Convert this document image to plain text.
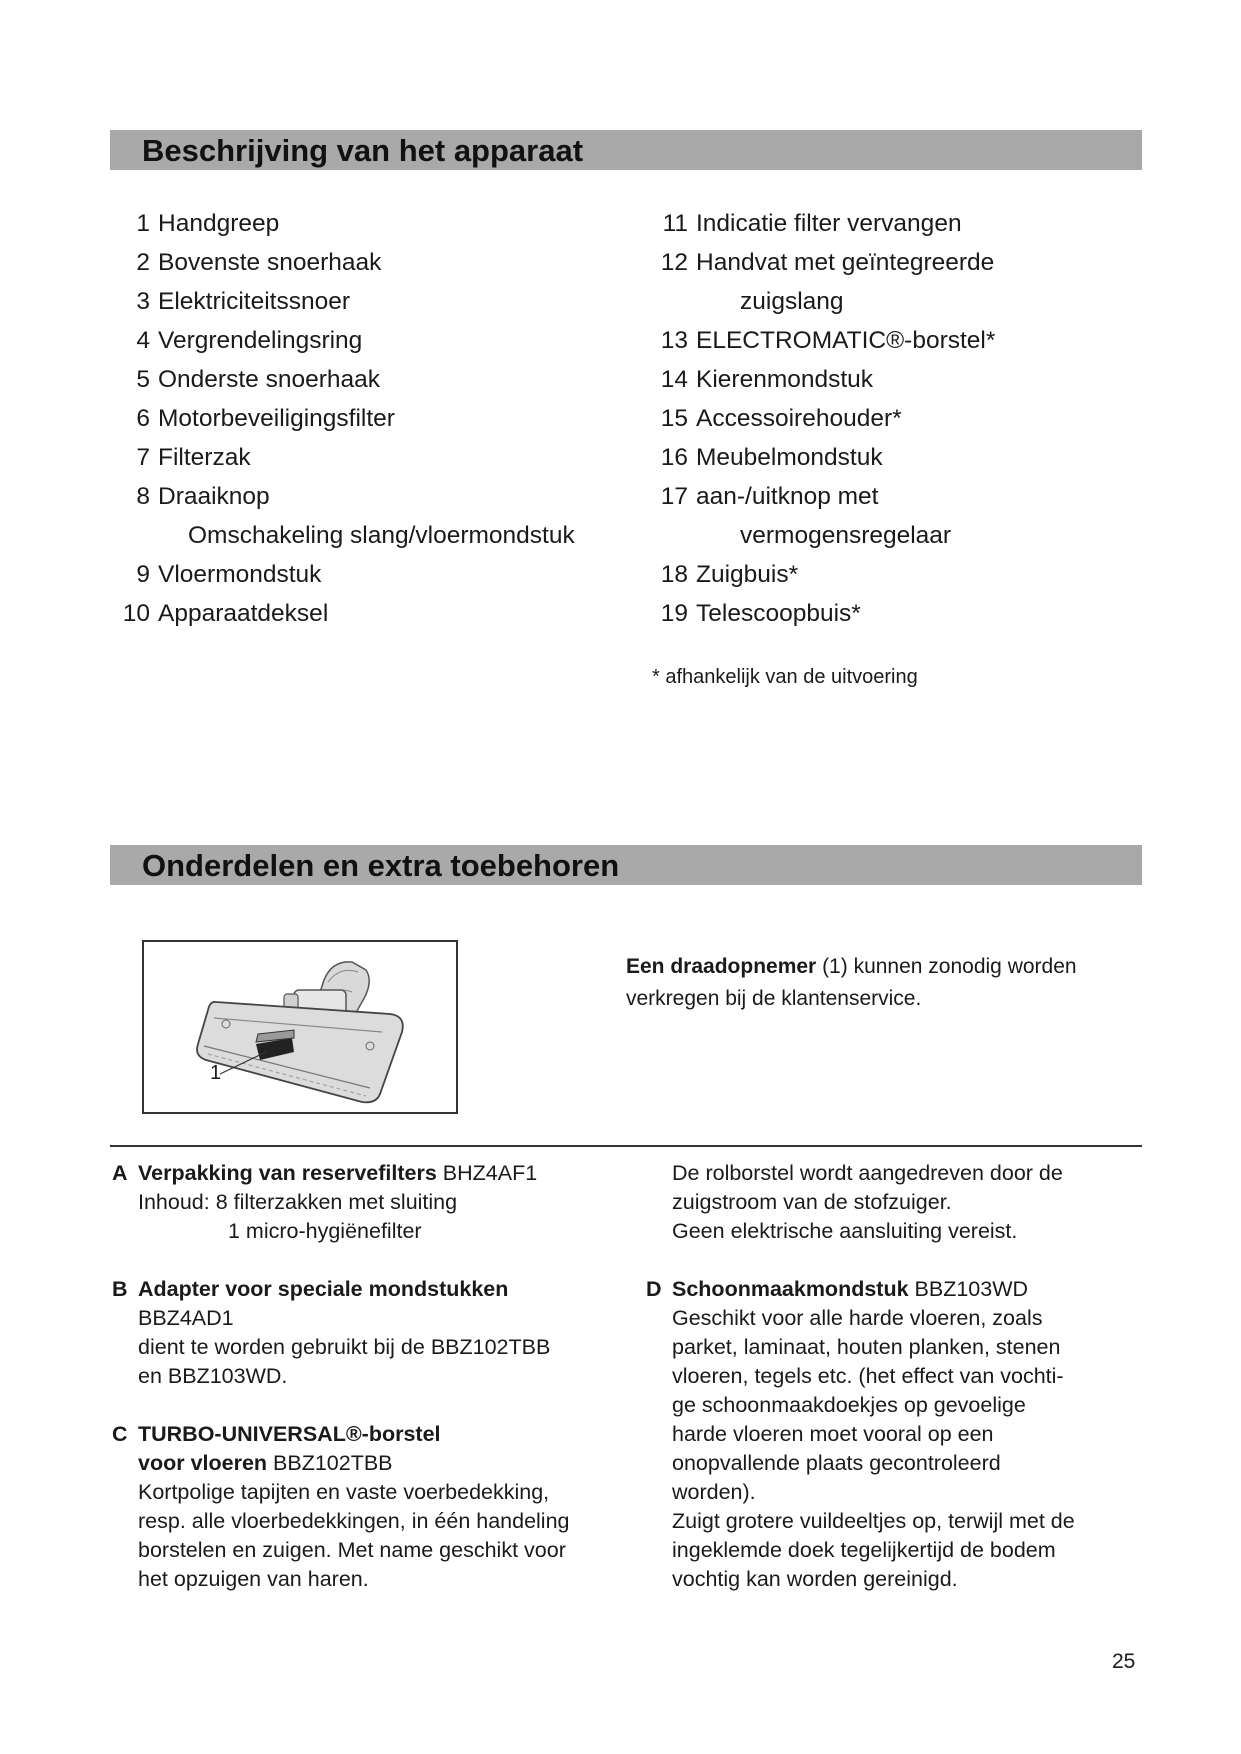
Beschrijving van het apparaat
1 Handgreep
2 Bovenste snoerhaak
3 Elektriciteitssnoer
4 Vergrendelingsring
5 Onderste snoerhaak
6 Motorbeveiligingsfilter
7 Filterzak
8 Draaiknop
Omschakeling slang/vloermondstuk
9 Vloermondstuk
10 Apparaatdeksel
11 Indicatie filter vervangen
12 Handvat met geïntegreerde
zuigslang
13 ELECTROMATIC®-borstel*
14 Kierenmondstuk
15 Accessoirehouder*
16 Meubelmondstuk
17 aan-/uitknop met
vermogensregelaar
18 Zuigbuis*
19 Telescoopbuis*
* afhankelijk van de uitvoering
Onderdelen en extra toebehoren
1
Een draadopnemer (1) kunnen zonodig worden
verkregen bij de klantenservice.

A Verpakking van reservefilters BHZ4AF1

Inhoud: 8 filterzakken met sluiting

1 micro-hygiënefilter

B Adapter voor speciale mondstukken

BBZ4AD1

dient te worden gebruikt bij de BBZ102TBB

en BBZ103WD.

C TURBO-UNIVERSAL®-borstel

voor vloeren BBZ102TBB

Kortpolige tapijten en vaste voerbedekking,

resp. alle vloerbedekkingen, in één handeling

borstelen en zuigen. Met name geschikt voor

het opzuigen van haren.

De rolborstel wordt aangedreven door de

zuigstroom van de stofzuiger.

Geen elektrische aansluiting vereist.

D Schoonmaakmondstuk BBZ103WD

Geschikt voor alle harde vloeren, zoals

parket, laminaat, houten planken, stenen

vloeren, tegels etc. (het effect van vochti-

ge schoonmaakdoekjes op gevoelige

harde vloeren moet vooral op een

onopvallende plaats gecontroleerd

worden).

Zuigt grotere vuildeeltjes op, terwijl met de

ingeklemde doek tegelijkertijd de bodem

vochtig kan worden gereinigd.

25
